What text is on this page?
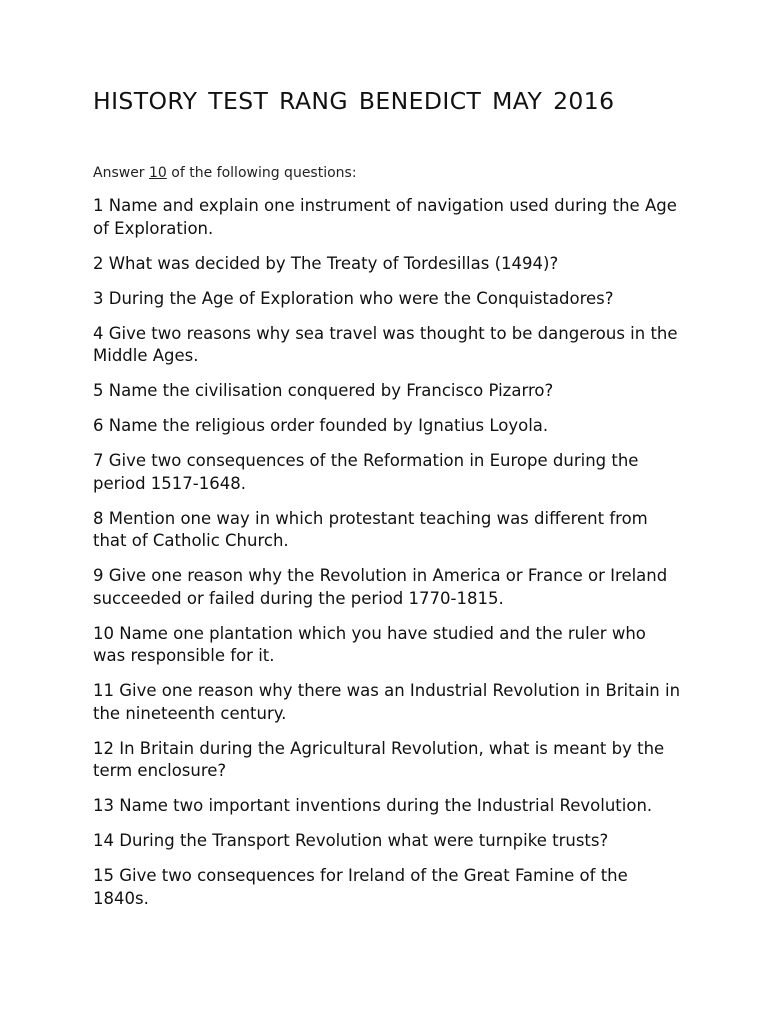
HISTORY TEST RANG BENEDICT MAY 2016

Answer 10 of the following questions:

1 Name and explain one instrument of navigation used during the Age of Exploration.
2 What was decided by The Treaty of Tordesillas (1494)?
3 During the Age of Exploration who were the Conquistadores?
4 Give two reasons why sea travel was thought to be dangerous in the Middle Ages.
5 Name the civilisation conquered by Francisco Pizarro?
6 Name the religious order founded by Ignatius Loyola.
7 Give two consequences of the Reformation in Europe during the period 1517-1648.
8 Mention one way in which protestant teaching was different from that of Catholic Church.
9 Give one reason why the Revolution in America or France or Ireland succeeded or failed during the period 1770-1815.
10 Name one plantation which you have studied and the ruler who was responsible for it.
11 Give one reason why there was an Industrial Revolution in Britain in the nineteenth century.
12 In Britain during the Agricultural Revolution, what is meant by the term enclosure?
13 Name two important inventions during the Industrial Revolution.
14 During the Transport Revolution what were turnpike trusts?
15 Give two consequences for Ireland of the Great Famine of the 1840s.
